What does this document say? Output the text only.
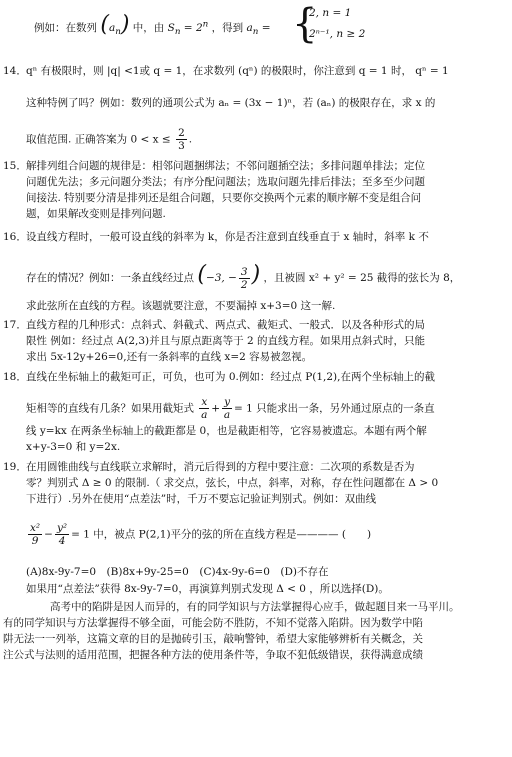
例如：在数列 $(a_n)$ 中，由 $S_n = 2^n$ ，得到 $a_n$ = {
2, n = 1
2ⁿ⁻¹, n ≥ 2
14． qⁿ 有极限时，则 |q| <1或 q = 1，在求数列 (qⁿ) 的极限时，你注意到 q = 1 时， qⁿ = 1
这种特例了吗？例如：数列的通项公式为 aₙ = (3x − 1)ⁿ，若 (aₙ) 的极限存在，求 x 的
取值范围. 正确答案为 $0 < x \le \frac{2}{3}$ .
15． 解排列组合问题的规律是：相邻问题捆绑法；不邻问题插空法；多排问题单排法；定位
问题优先法；多元问题分类法；有序分配问题法；选取问题先排后排法；至多至少问题
间接法. 特别要分清是排列还是组合问题，只要你交换两个元素的顺序解不变是组合问
题，如果解改变则是排列问题.
16． 设直线方程时，一般可设直线的斜率为 k，你是否注意到直线垂直于 x 轴时，斜率 k 不
存在的情况？例如：一条直线经过点 (−3, − $\frac{3}{2}$ ) ，且被圆 x² + y² = 25 截得的弦长为 8，
求此弦所在直线的方程。该题就要注意，不要漏掉 x+3=0 这一解.
17． 直线方程的几种形式：点斜式、斜截式、两点式、截矩式、一般式．以及各种形式的局
限性 例如：经过点 A(2,3)并且与原点距离等于 2 的直线方程。如果用点斜式时，只能
求出 5x-12y+26=0,还有一条斜率的直线 x=2 容易被忽视。
18． 直线在坐标轴上的截矩可正，可负，也可为 0.例如：经过点 P(1,2),在两个坐标轴上的截
矩相等的直线有几条？如果用截矩式 $\frac{x}{a} + \frac{y}{a} = 1$ 只能求出一条，另外通过原点的一条直
线 y=kx 在两条坐标轴上的截距都是 0，也是截距相等，它容易被遗忘。本题有两个解
x+y-3=0 和 y=2x.
19． 在用圆锥曲线与直线联立求解时，消元后得到的方程中要注意：二次项的系数是否为
零？判别式 Δ ≥ 0 的限制.（ 求交点，弦长，中点，斜率，对称，存在性问题都在 Δ > 0
下进行）.另外在使用“点差法”时，千万不要忘记验证判别式。例如：双曲线
$\frac{\text{x²}}{9} - \frac{\text{y²}}{4} = 1$ 中，被点 P(2,1)平分的弦的所在直线方程是———— (　　)
(A)8x-9y-7=0　(B)8x+9y-25=0　(C)4x-9y-6=0　(D)不存在
如果用“点差法”获得 8x-9y-7=0，再演算判别式发现 Δ < 0 ，所以选择(D)。
高考中的陷阱是因人而异的，有的同学知识与方法掌握得心应手，做起题目来一马平川。
有的同学知识与方法掌握得不够全面，可能会防不胜防，不知不觉落入陷阱。因为数学中陷
阱无法一一列举，这篇文章的目的是抛砖引玉，敲响警钟，希望大家能够辨析有关概念，关
注公式与法则的适用范围，把握各种方法的使用条件等，争取不犯低级错误，获得满意成绩
